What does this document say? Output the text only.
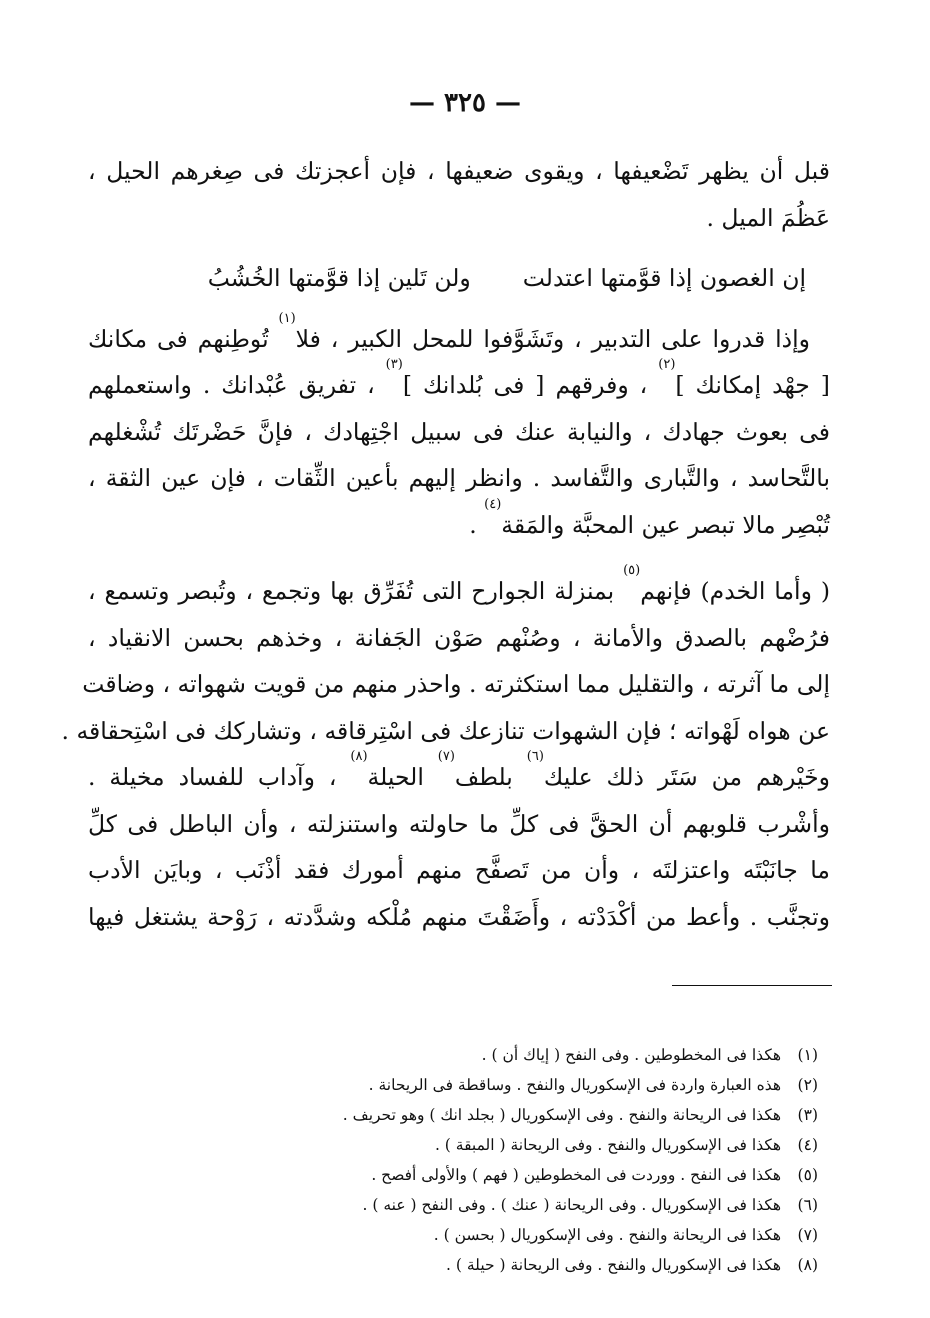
— ٣٢٥ —
قبل أن يظهر تَضْعيفها ، ويقوى ضعيفها ، فإن أعجزتك فى صِغرهم الحيل ،
عَظُمَ الميل .
إن الغصون إذا قوَّمتها اعتدلتولن تَلين إذا قوَّمتها الخُشُبُ
وإذا قدروا على التدبير ، وتَشَوَّفوا للمحل الكبير ، فلا$^{(١)}$ تُوطِنهم فى مكانك
[ جهْد إمكانك ]$^{(٢)}$ ، وفرقهم [ فى بُلدانك ]$^{(٣)}$ ، تفريق عُبْدانك . واستعملهم
فى بعوث جهادك ، والنيابة عنك فى سبيل اجْتِهادك ، فإنَّ حَضْرتَك تُشْغلهم
بالتَّحاسد ، والتَّبارى والتَّفاسد . وانظر إليهم بأعين الثِّقات ، فإن عين الثقة ،
تُبْصِر مالا تبصر عين المحبَّة والمَقة$^{(٤)}$ .
( وأما الخدم) فإنهم$^{(٥)}$ بمنزلة الجوارح التى تُفَرِّق بها وتجمع ، وتُبصر وتسمع ،
فرُضْهم بالصدق والأمانة ، وصُنْهم صَوْن الجَفانة ، وخذهم بحسن الانقياد ،
إلى ما آثرته ، والتقليل مما استكثرته . واحذر منهم من قويت شهواته ، وضاقت
عن هواه لَهْواته ؛ فإن الشهوات تنازعك فى اسْتِرقاقه ، وتشاركك فى اسْتِحقاقه .
وخَيْرهم من سَتَر ذلك عليك$^{(٦)}$ بلطف$^{(٧)}$ الحيلة$^{(٨)}$ ، وآداب للفساد مخيلة .
وأشْرب قلوبهم أن الحقَّ فى كلِّ ما حاولته واستنزلته ، وأن الباطل فى كلِّ
ما جانَبْتَه واعتزلتَه ، وأن من تَصفَّح منهم أمورك فقد أذْنَب ، وبايَن الأدب
وتجنَّب . وأعط من أكْدَدْته ، وأَضَقْتَ منهم مُلْكه وشدَّدته ، رَوْحة يشتغل فيها
(١) هكذا فى المخطوطين . وفى النفح ( إياك أن ) .
(٢) هذه العبارة واردة فى الإسكوريال والنفح . وساقطة فى الريحانة .
(٣) هكذا فى الريحانة والنفح . وفى الإسكوريال ( بجلد انك ) وهو تحريف .
(٤) هكذا فى الإسكوريال والنفح . وفى الريحانة ( المبقة ) .
(٥) هكذا فى النفح . ووردت فى المخطوطين ( فهم ) والأولى أفصح .
(٦) هكذا فى الإسكوريال . وفى الريحانة ( عنك ) . وفى النفح ( عنه ) .
(٧) هكذا فى الريحانة والنفح . وفى الإسكوريال ( بحسن ) .
(٨) هكذا فى الإسكوريال والنفح . وفى الريحانة ( حيلة ) .
